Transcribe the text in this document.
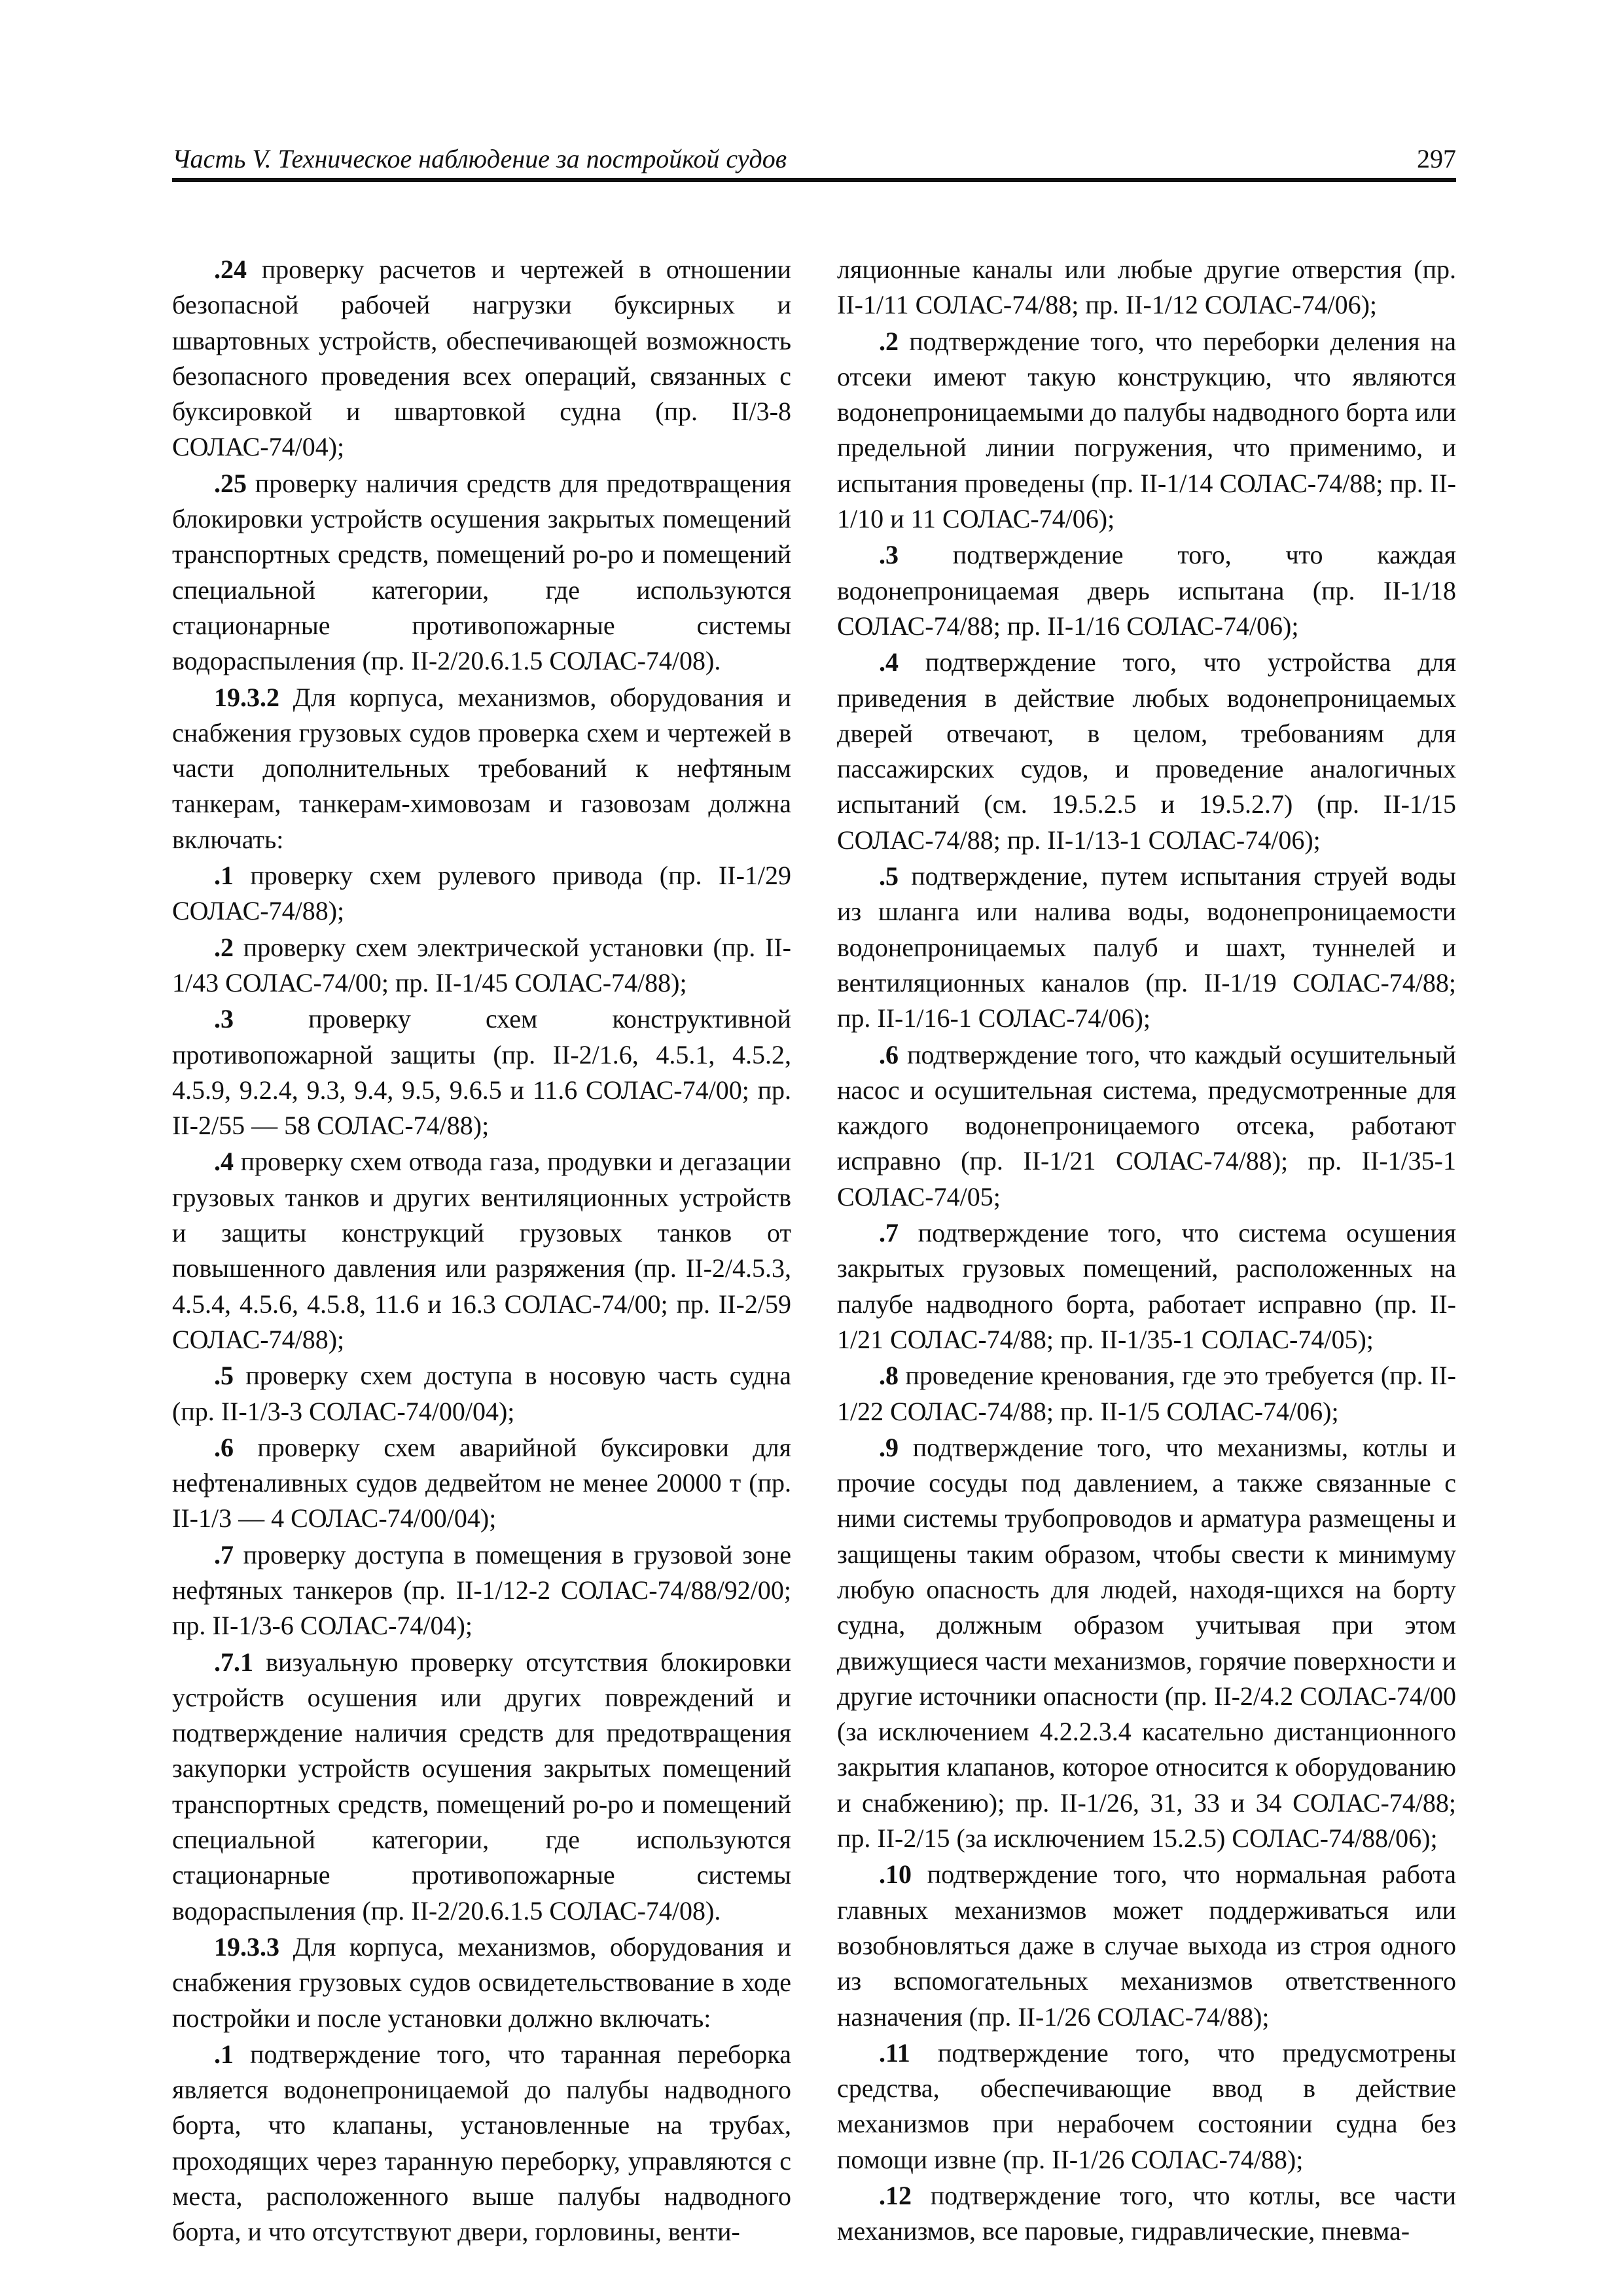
Часть V. Техническое наблюдение за постройкой судов	297

.24 проверку расчетов и чертежей в отношении безопасной рабочей нагрузки буксирных и швартовных устройств, обеспечивающей возможность безопасного проведения всех операций, связанных с буксировкой и швартовкой судна (пр. II/3-8 СОЛАС-74/04);

.25 проверку наличия средств для предотвращения блокировки устройств осушения закрытых помещений транспортных средств, помещений ро-ро и помещений специальной категории, где используются стационарные противопожарные системы водораспыления (пр. II-2/20.6.1.5 СОЛАС-74/08).

19.3.2 Для корпуса, механизмов, оборудования и снабжения грузовых судов проверка схем и чертежей в части дополнительных требований к нефтяным танкерам, танкерам-химовозам и газовозам должна включать:

.1 проверку схем рулевого привода (пр. II-1/29 СОЛАС-74/88);

.2 проверку схем электрической установки (пр. II-1/43 СОЛАС-74/00; пр. II-1/45 СОЛАС-74/88);

.3 проверку схем конструктивной противопожарной защиты (пр. II-2/1.6, 4.5.1, 4.5.2, 4.5.9, 9.2.4, 9.3, 9.4, 9.5, 9.6.5 и 11.6 СОЛАС-74/00; пр. II-2/55 — 58 СОЛАС-74/88);

.4 проверку схем отвода газа, продувки и дегазации грузовых танков и других вентиляционных устройств и защиты конструкций грузовых танков от повышенного давления или разряжения (пр. II-2/4.5.3, 4.5.4, 4.5.6, 4.5.8, 11.6 и 16.3 СОЛАС-74/00; пр. II-2/59 СОЛАС-74/88);

.5 проверку схем доступа в носовую часть судна (пр. II-1/3-3 СОЛАС-74/00/04);

.6 проверку схем аварийной буксировки для нефтеналивных судов дедвейтом не менее 20000 т (пр. II-1/3 — 4 СОЛАС-74/00/04);

.7 проверку доступа в помещения в грузовой зоне нефтяных танкеров (пр. II-1/12-2 СОЛАС-74/88/92/00; пр. II-1/3-6 СОЛАС-74/04);

.7.1 визуальную проверку отсутствия блокировки устройств осушения или других повреждений и подтверждение наличия средств для предотвращения закупорки устройств осушения закрытых помещений транспортных средств, помещений ро-ро и помещений специальной категории, где используются стационарные противопожарные системы водораспыления (пр. II-2/20.6.1.5 СОЛАС-74/08).

19.3.3 Для корпуса, механизмов, оборудования и снабжения грузовых судов освидетельствование в ходе постройки и после установки должно включать:

.1 подтверждение того, что таранная переборка является водонепроницаемой до палубы надводного борта, что клапаны, установленные на трубах, проходящих через таранную переборку, управляются с места, расположенного выше палубы надводного борта, и что отсутствуют двери, горловины, венти-

ляционные каналы или любые другие отверстия (пр. II-1/11 СОЛАС-74/88; пр. II-1/12 СОЛАС-74/06);

.2 подтверждение того, что переборки деления на отсеки имеют такую конструкцию, что являются водонепроницаемыми до палубы надводного борта или предельной линии погружения, что применимо, и испытания проведены (пр. II-1/14 СОЛАС-74/88; пр. II-1/10 и 11 СОЛАС-74/06);

.3 подтверждение того, что каждая водонепроницаемая дверь испытана (пр. II-1/18 СОЛАС-74/88; пр. II-1/16 СОЛАС-74/06);

.4 подтверждение того, что устройства для приведения в действие любых водонепроницаемых дверей отвечают, в целом, требованиям для пассажирских судов, и проведение аналогичных испытаний (см. 19.5.2.5 и 19.5.2.7) (пр. II-1/15 СОЛАС-74/88; пр. II-1/13-1 СОЛАС-74/06);

.5 подтверждение, путем испытания струей воды из шланга или налива воды, водонепроницаемости водонепроницаемых палуб и шахт, туннелей и вентиляционных каналов (пр. II-1/19 СОЛАС-74/88; пр. II-1/16-1 СОЛАС-74/06);

.6 подтверждение того, что каждый осушительный насос и осушительная система, предусмотренные для каждого водонепроницаемого отсека, работают исправно (пр. II-1/21 СОЛАС-74/88); пр. II-1/35-1 СОЛАС-74/05;

.7 подтверждение того, что система осушения закрытых грузовых помещений, расположенных на палубе надводного борта, работает исправно (пр. II-1/21 СОЛАС-74/88; пр. II-1/35-1 СОЛАС-74/05);

.8 проведение кренования, где это требуется (пр. II-1/22 СОЛАС-74/88; пр. II-1/5 СОЛАС-74/06);

.9 подтверждение того, что механизмы, котлы и прочие сосуды под давлением, а также связанные с ними системы трубопроводов и арматура размещены и защищены таким образом, чтобы свести к минимуму любую опасность для людей, находя-щихся на борту судна, должным образом учитывая при этом движущиеся части механизмов, горячие поверхности и другие источники опасности (пр. II-2/4.2 СОЛАС-74/00 (за исключением 4.2.2.3.4 касательно дистанционного закрытия клапанов, которое относится к оборудованию и снабжению); пр. II-1/26, 31, 33 и 34 СОЛАС-74/88; пр. II-2/15 (за исключением 15.2.5) СОЛАС-74/88/06);

.10 подтверждение того, что нормальная работа главных механизмов может поддерживаться или возобновляться даже в случае выхода из строя одного из вспомогательных механизмов ответственного назначения (пр. II-1/26 СОЛАС-74/88);

.11 подтверждение того, что предусмотрены средства, обеспечивающие ввод в действие механизмов при нерабочем состоянии судна без помощи извне (пр. II-1/26 СОЛАС-74/88);

.12 подтверждение того, что котлы, все части механизмов, все паровые, гидравлические, пневма-
